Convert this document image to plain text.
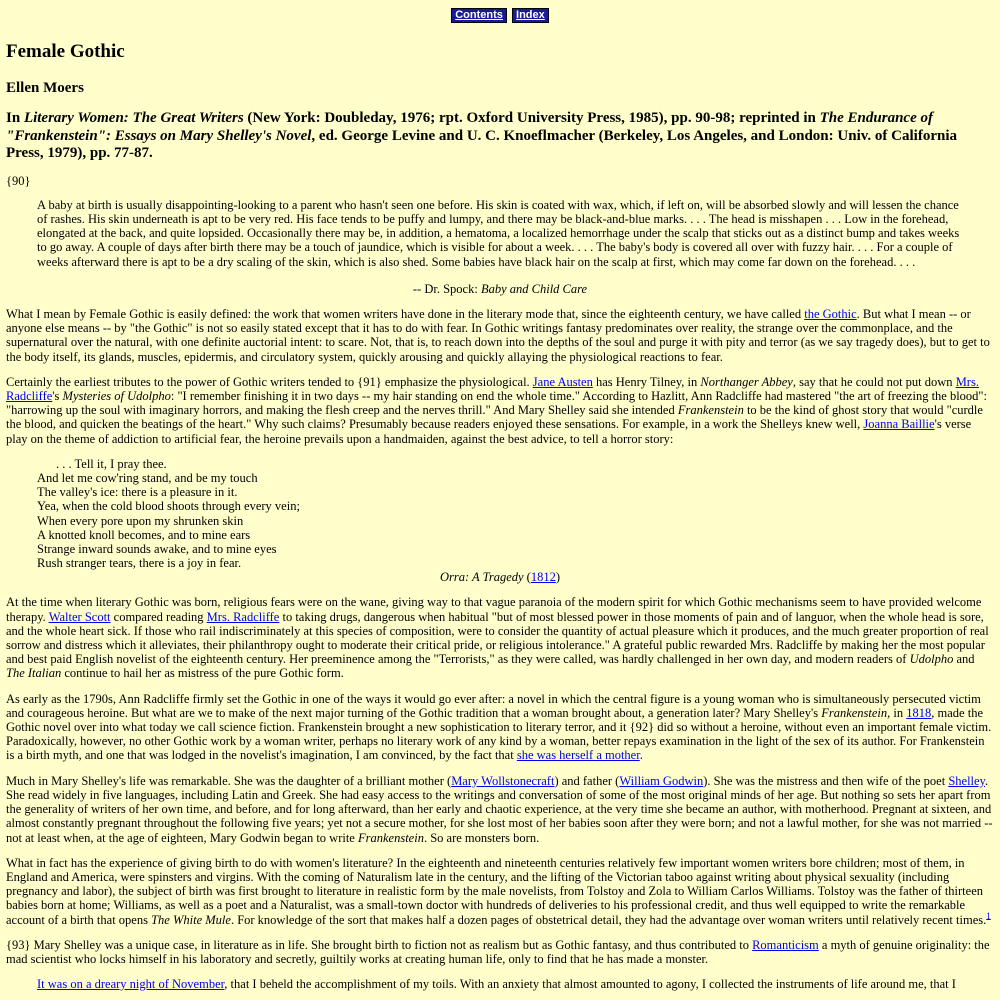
Contents Index
Female Gothic
Ellen Moers
In Literary Women: The Great Writers (New York: Doubleday, 1976; rpt. Oxford University Press, 1985), pp. 90-98; reprinted in The Endurance of "Frankenstein": Essays on Mary Shelley's Novel, ed. George Levine and U. C. Knoeflmacher (Berkeley, Los Angeles, and London: Univ. of California Press, 1979), pp. 77-87.
{90}
A baby at birth is usually disappointing-looking to a parent who hasn't seen one before. His skin is coated with wax, which, if left on, will be absorbed slowly and will lessen the chance of rashes. His skin underneath is apt to be very red. His face tends to be puffy and lumpy, and there may be black-and-blue marks. . . . The head is misshapen . . . Low in the forehead, elongated at the back, and quite lopsided. Occasionally there may be, in addition, a hematoma, a localized hemorrhage under the scalp that sticks out as a distinct bump and takes weeks to go away. A couple of days after birth there may be a touch of jaundice, which is visible for about a week. . . . The baby's body is covered all over with fuzzy hair. . . . For a couple of weeks afterward there is apt to be a dry scaling of the skin, which is also shed. Some babies have black hair on the scalp at first, which may come far down on the forehead. . . .
-- Dr. Spock: Baby and Child Care

What I mean by Female Gothic is easily defined: the work that women writers have done in the literary mode that, since the eighteenth century, we have called the Gothic. But what I mean -- or anyone else means -- by "the Gothic" is not so easily stated except that it has to do with fear. In Gothic writings fantasy predominates over reality, the strange over the commonplace, and the supernatural over the natural, with one definite auctorial intent: to scare. Not, that is, to reach down into the depths of the soul and purge it with pity and terror (as we say tragedy does), but to get to the body itself, its glands, muscles, epidermis, and circulatory system, quickly arousing and quickly allaying the physiological reactions to fear.

Certainly the earliest tributes to the power of Gothic writers tended to {91} emphasize the physiological. Jane Austen has Henry Tilney, in Northanger Abbey, say that he could not put down Mrs. Radcliffe's Mysteries of Udolpho: "I remember finishing it in two days -- my hair standing on end the whole time." According to Hazlitt, Ann Radcliffe had mastered "the art of freezing the blood": "harrowing up the soul with imaginary horrors, and making the flesh creep and the nerves thrill." And Mary Shelley said she intended Frankenstein to be the kind of ghost story that would "curdle the blood, and quicken the beatings of the heart." Why such claims? Presumably because readers enjoyed these sensations. For example, in a work the Shelleys knew well, Joanna Baillie's verse play on the theme of addiction to artificial fear, the heroine prevails upon a handmaiden, against the best advice, to tell a horror story:

. . . Tell it, I pray thee.
And let me cow'ring stand, and be my touch
The valley's ice: there is a pleasure in it.
Yea, when the cold blood shoots through every vein;
When every pore upon my shrunken skin
A knotted knoll becomes, and to mine ears
Strange inward sounds awake, and to mine eyes
Rush stranger tears, there is a joy in fear.
Orra: A Tragedy (1812)

At the time when literary Gothic was born, religious fears were on the wane, giving way to that vague paranoia of the modern spirit for which Gothic mechanisms seem to have provided welcome therapy. Walter Scott compared reading Mrs. Radcliffe to taking drugs, dangerous when habitual "but of most blessed power in those moments of pain and of languor, when the whole head is sore, and the whole heart sick. If those who rail indiscriminately at this species of composition, were to consider the quantity of actual pleasure which it produces, and the much greater proportion of real sorrow and distress which it alleviates, their philanthropy ought to moderate their critical pride, or religious intolerance." A grateful public rewarded Mrs. Radcliffe by making her the most popular and best paid English novelist of the eighteenth century. Her preeminence among the "Terrorists," as they were called, was hardly challenged in her own day, and modern readers of Udolpho and The Italian continue to hail her as mistress of the pure Gothic form.

As early as the 1790s, Ann Radcliffe firmly set the Gothic in one of the ways it would go ever after: a novel in which the central figure is a young woman who is simultaneously persecuted victim and courageous heroine. But what are we to make of the next major turning of the Gothic tradition that a woman brought about, a generation later? Mary Shelley's Frankenstein, in 1818, made the Gothic novel over into what today we call science fiction. Frankenstein brought a new sophistication to literary terror, and it {92} did so without a heroine, without even an important female victim. Paradoxically, however, no other Gothic work by a woman writer, perhaps no literary work of any kind by a woman, better repays examination in the light of the sex of its author. For Frankenstein is a birth myth, and one that was lodged in the novelist's imagination, I am convinced, by the fact that she was herself a mother.

Much in Mary Shelley's life was remarkable. She was the daughter of a brilliant mother (Mary Wollstonecraft) and father (William Godwin). She was the mistress and then wife of the poet Shelley. She read widely in five languages, including Latin and Greek. She had easy access to the writings and conversation of some of the most original minds of her age. But nothing so sets her apart from the generality of writers of her own time, and before, and for long afterward, than her early and chaotic experience, at the very time she became an author, with motherhood. Pregnant at sixteen, and almost constantly pregnant throughout the following five years; yet not a secure mother, for she lost most of her babies soon after they were born; and not a lawful mother, for she was not married -- not at least when, at the age of eighteen, Mary Godwin began to write Frankenstein. So are monsters born.

What in fact has the experience of giving birth to do with women's literature? In the eighteenth and nineteenth centuries relatively few important women writers bore children; most of them, in England and America, were spinsters and virgins. With the coming of Naturalism late in the century, and the lifting of the Victorian taboo against writing about physical sexuality (including pregnancy and labor), the subject of birth was first brought to literature in realistic form by the male novelists, from Tolstoy and Zola to William Carlos Williams. Tolstoy was the father of thirteen babies born at home; Williams, as well as a poet and a Naturalist, was a small-town doctor with hundreds of deliveries to his professional credit, and thus well equipped to write the remarkable account of a birth that opens The White Mule. For knowledge of the sort that makes half a dozen pages of obstetrical detail, they had the advantage over woman writers until relatively recent times.$^1$

{93} Mary Shelley was a unique case, in literature as in life. She brought birth to fiction not as realism but as Gothic fantasy, and thus contributed to Romanticism a myth of genuine originality: the mad scientist who locks himself in his laboratory and secretly, guiltily works at creating human life, only to find that he has made a monster.

It was on a dreary night of November, that I beheld the accomplishment of my toils. With an anxiety that almost amounted to agony, I collected the instruments of life around me, that I
